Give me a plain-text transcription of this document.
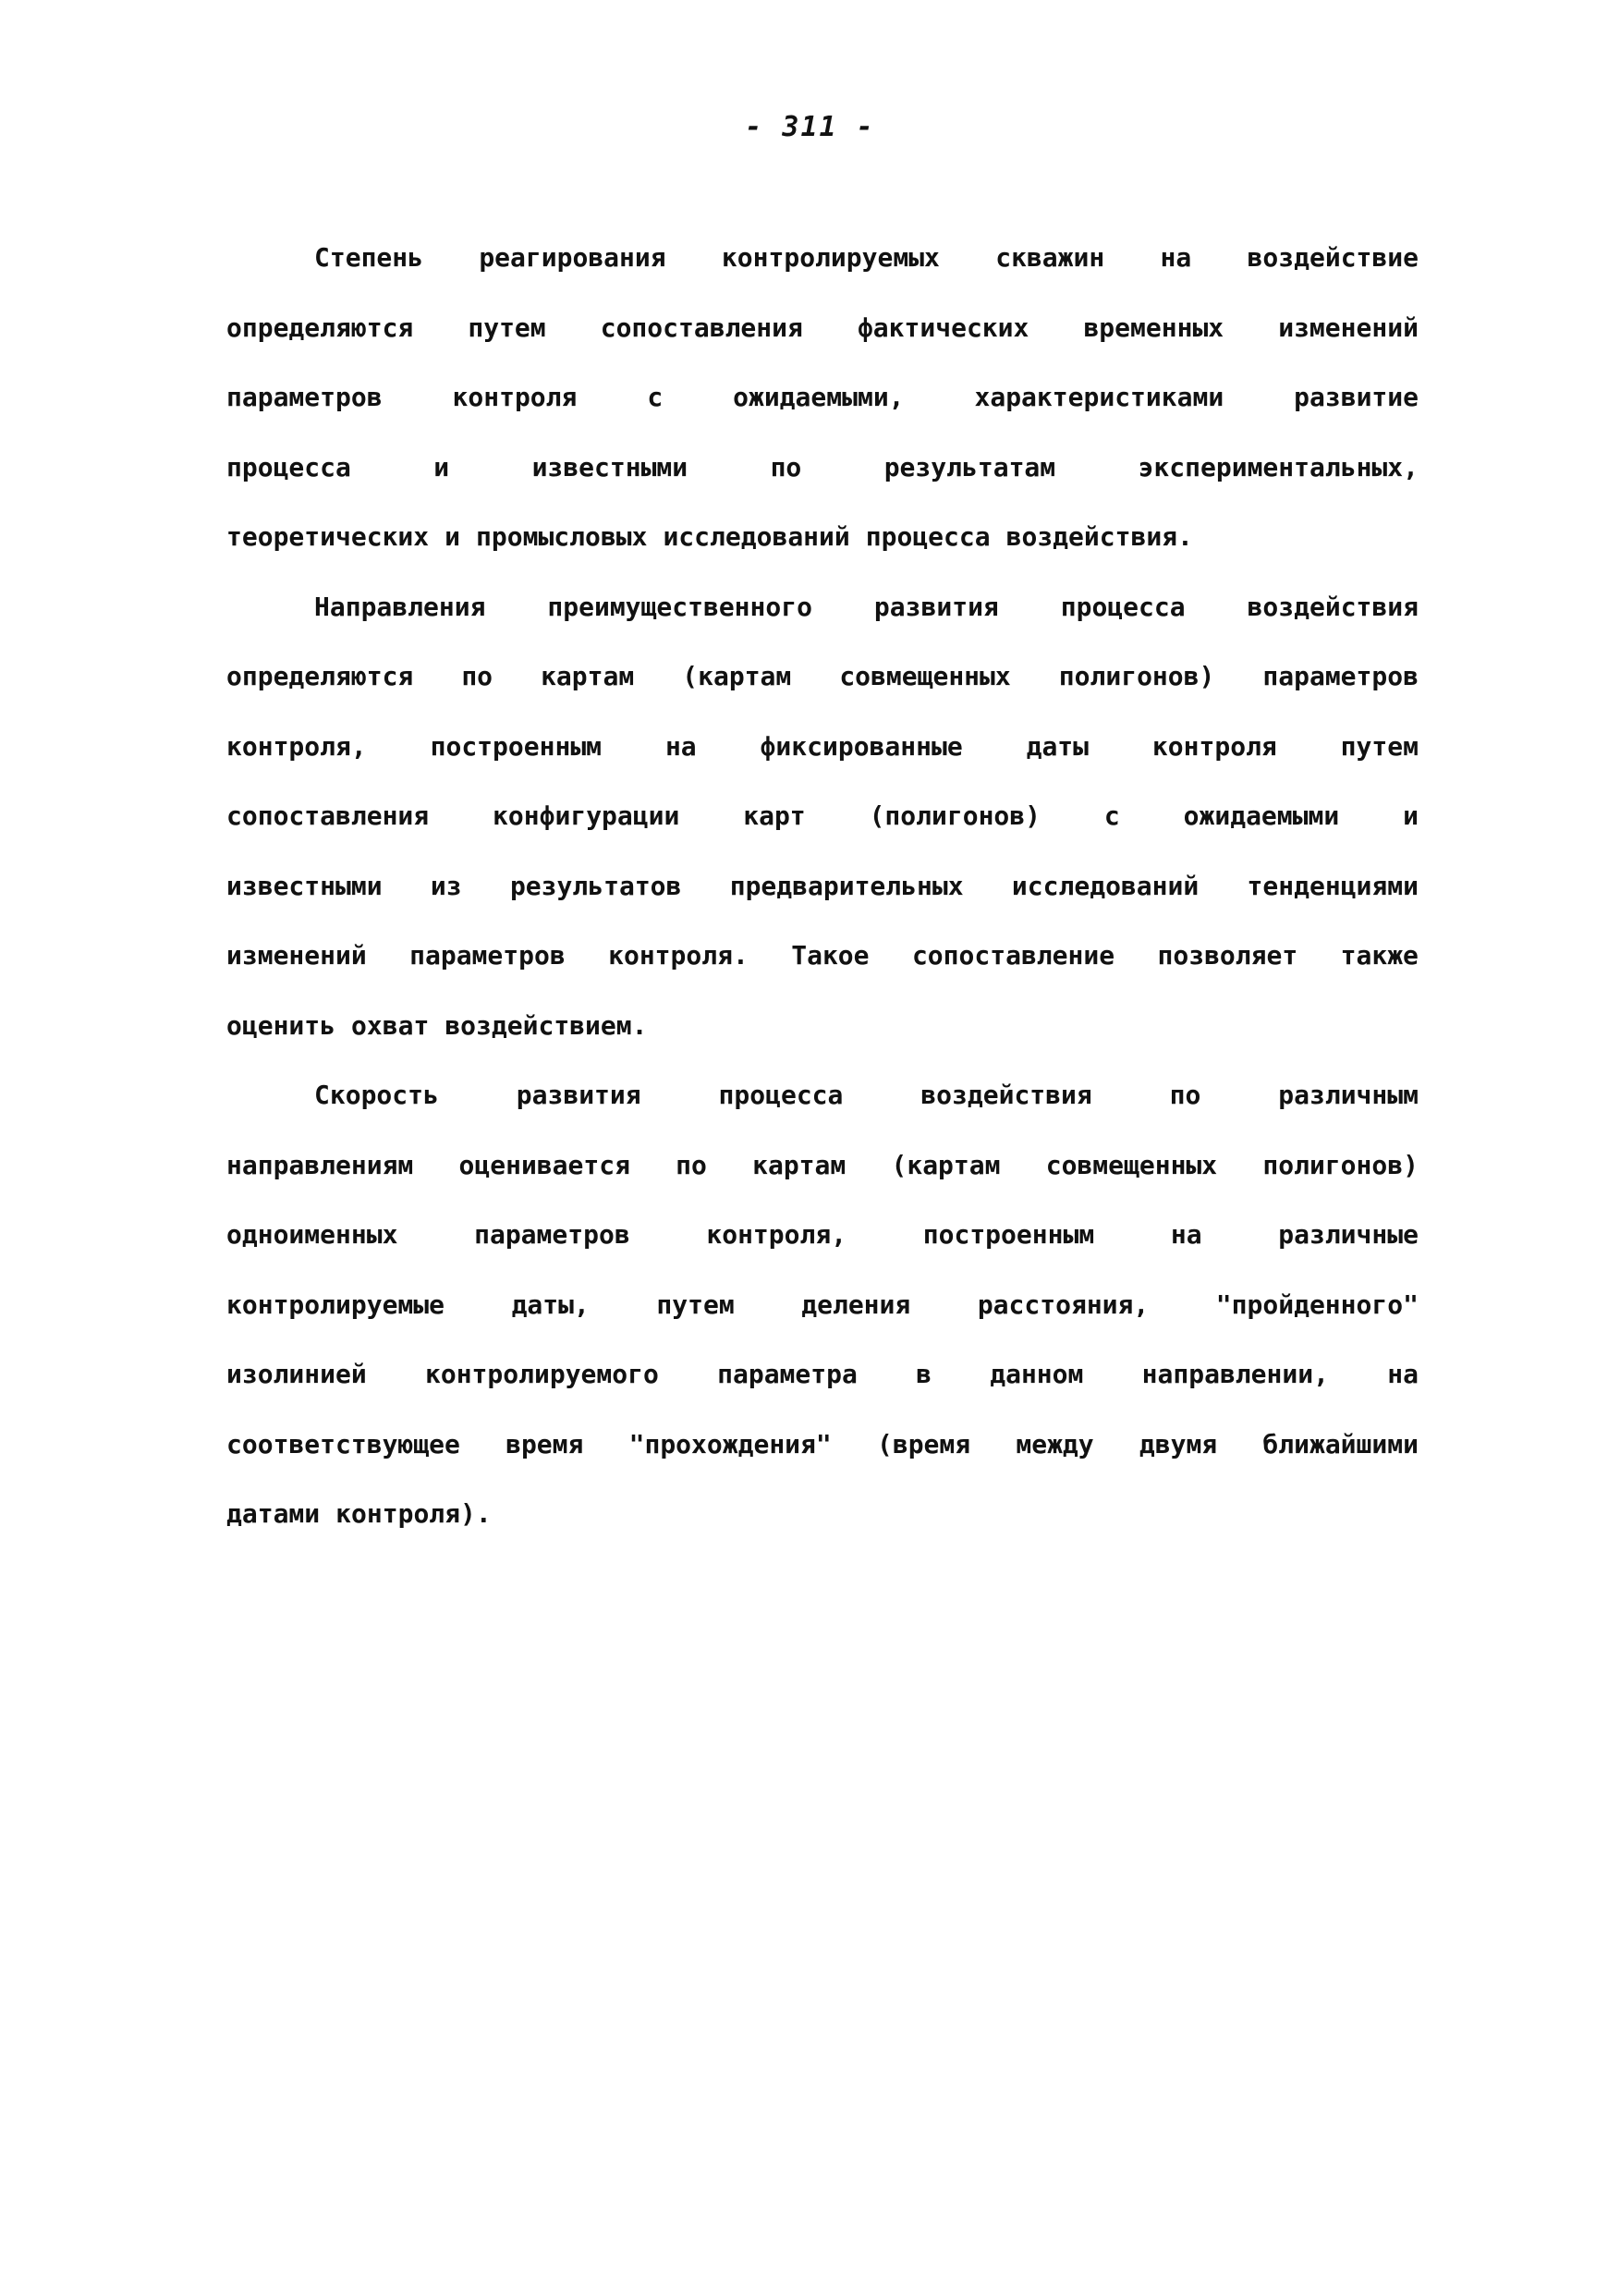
- 311 -
Степень реагирования контролируемых скважин на воздействие
определяются путем сопоставления фактических временных изменений
параметров	контроля	с	ожидаемыми,	характеристиками	развитие
процесса	и	известными	по	результатам	экспериментальных,
теоретических и промысловых исследований процесса воздействия.
Направления преимущественного развития процесса воздействия
определяются по картам (картам совмещенных полигонов) параметров
контроля, построенным на фиксированные даты контроля путем
сопоставления конфигурации карт (полигонов) с ожидаемыми и
известными из результатов предварительных исследований тенденциями
изменений параметров контроля. Такое сопоставление позволяет также
оценить охват воздействием.
Скорость	развития	процесса	воздействия	по	различным
направлениям оценивается по картам (картам совмещенных полигонов)
одноименных	параметров	контроля,	построенным	на	различные
контролируемые	даты,	путем	деления	расстояния,	"пройденного"
изолинией контролируемого параметра в данном направлении, на
соответствующее время "прохождения" (время между двумя ближайшими
датами контроля).
